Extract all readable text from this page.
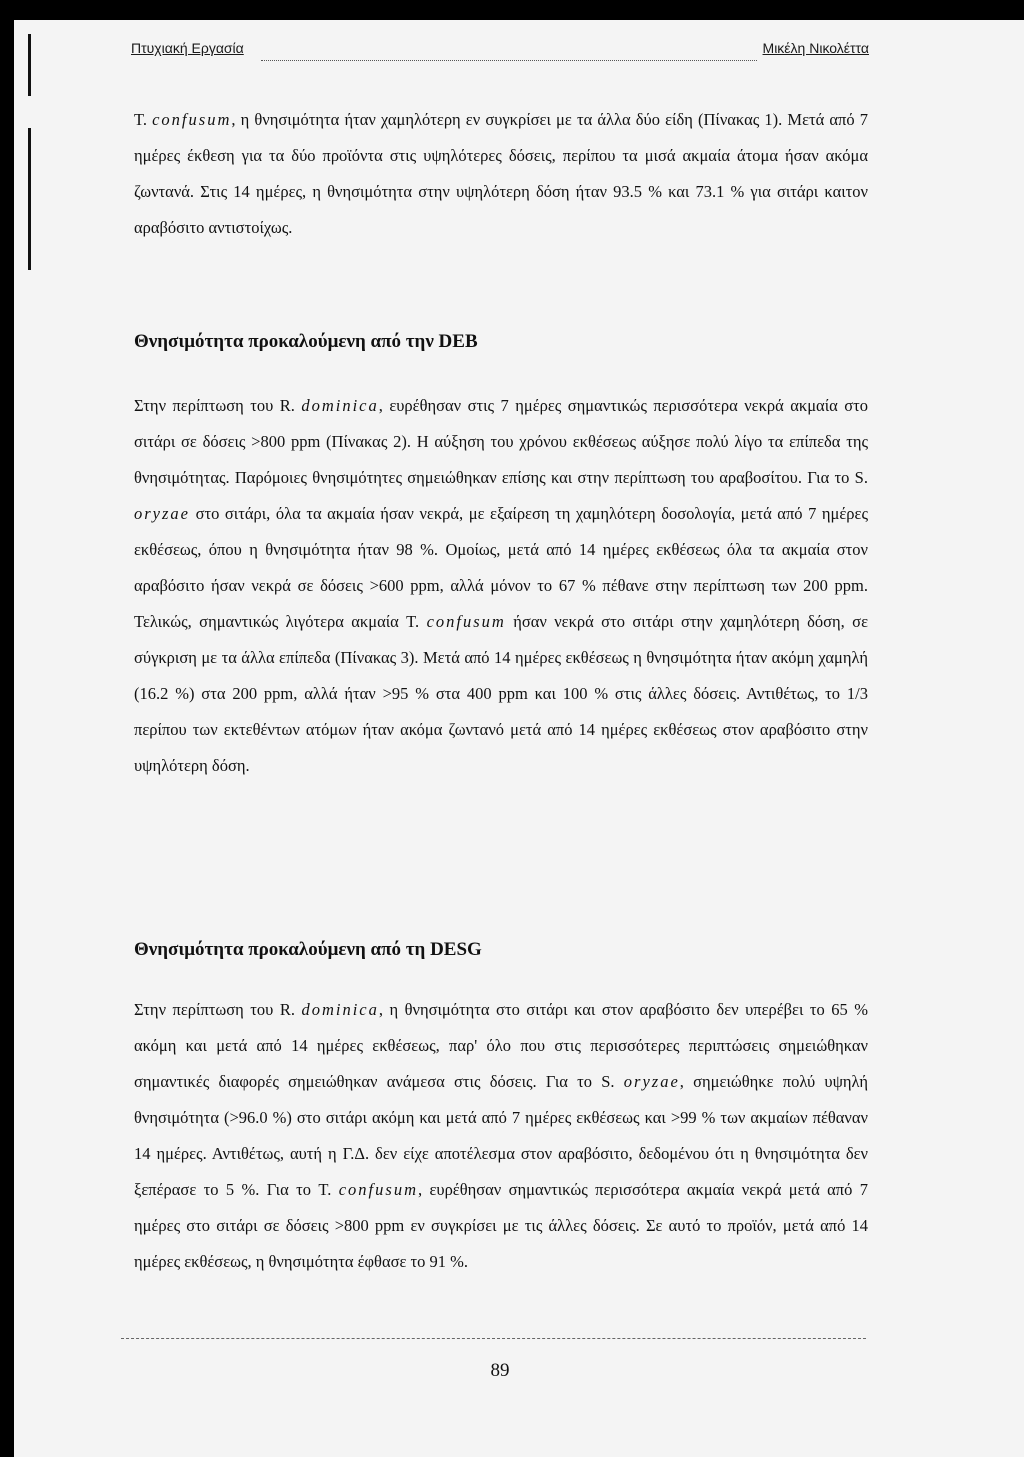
Πτυχιακή Εργασία	Μικέλη Νικολέττα

T. confusum, η θνησιμότητα ήταν χαμηλότερη εν συγκρίσει με τα άλλα δύο είδη (Πίνακας 1). Μετά από 7 ημέρες έκθεση για τα δύο προϊόντα στις υψηλότερες δόσεις, περίπου τα μισά ακμαία άτομα ήσαν ακόμα ζωντανά. Στις 14 ημέρες, η θνησιμότητα στην υψηλότερη δόση ήταν 93.5 % και 73.1 % για σιτάρι καιτον αραβόσιτο αντιστοίχως.

Θνησιμότητα προκαλούμενη από την DEB

Στην περίπτωση του R. dominica, ευρέθησαν στις 7 ημέρες σημαντικώς περισσότερα νεκρά ακμαία στο σιτάρι σε δόσεις >800 ppm (Πίνακας 2). Η αύξηση του χρόνου εκθέσεως αύξησε πολύ λίγο τα επίπεδα της θνησιμότητας. Παρόμοιες θνησιμότητες σημειώθηκαν επίσης και στην περίπτωση του αραβοσίτου. Για το S. oryzae στο σιτάρι, όλα τα ακμαία ήσαν νεκρά, με εξαίρεση τη χαμηλότερη δοσολογία, μετά από 7 ημέρες εκθέσεως, όπου η θνησιμότητα ήταν 98 %. Ομοίως, μετά από 14 ημέρες εκθέσεως όλα τα ακμαία στον αραβόσιτο ήσαν νεκρά σε δόσεις >600 ppm, αλλά μόνον το 67 % πέθανε στην περίπτωση των 200 ppm. Τελικώς, σημαντικώς λιγότερα ακμαία T. confusum ήσαν νεκρά στο σιτάρι στην χαμηλότερη δόση, σε σύγκριση με τα άλλα επίπεδα (Πίνακας 3). Μετά από 14 ημέρες εκθέσεως η θνησιμότητα ήταν ακόμη χαμηλή (16.2 %) στα 200 ppm, αλλά ήταν >95 % στα 400 ppm και 100 % στις άλλες δόσεις. Αντιθέτως, το 1/3 περίπου των εκτεθέντων ατόμων ήταν ακόμα ζωντανό μετά από 14 ημέρες εκθέσεως στον αραβόσιτο στην υψηλότερη δόση.

Θνησιμότητα προκαλούμενη από τη DESG

Στην περίπτωση του R. dominica, η θνησιμότητα στο σιτάρι και στον αραβόσιτο δεν υπερέβει το 65 % ακόμη και μετά από 14 ημέρες εκθέσεως, παρ' όλο που στις περισσότερες περιπτώσεις σημειώθηκαν σημαντικές διαφορές σημειώθηκαν ανάμεσα στις δόσεις. Για το S. oryzae, σημειώθηκε πολύ υψηλή θνησιμότητα (>96.0 %) στο σιτάρι ακόμη και μετά από 7 ημέρες εκθέσεως και >99 % των ακμαίων πέθαναν 14 ημέρες. Αντιθέτως, αυτή η Γ.Δ. δεν είχε αποτέλεσμα στον αραβόσιτο, δεδομένου ότι η θνησιμότητα δεν ξεπέρασε το 5 %. Για το T. confusum, ευρέθησαν σημαντικώς περισσότερα ακμαία νεκρά μετά από 7 ημέρες στο σιτάρι σε δόσεις >800 ppm εν συγκρίσει με τις άλλες δόσεις. Σε αυτό το προϊόν, μετά από 14 ημέρες εκθέσεως, η θνησιμότητα έφθασε το 91 %.

89
